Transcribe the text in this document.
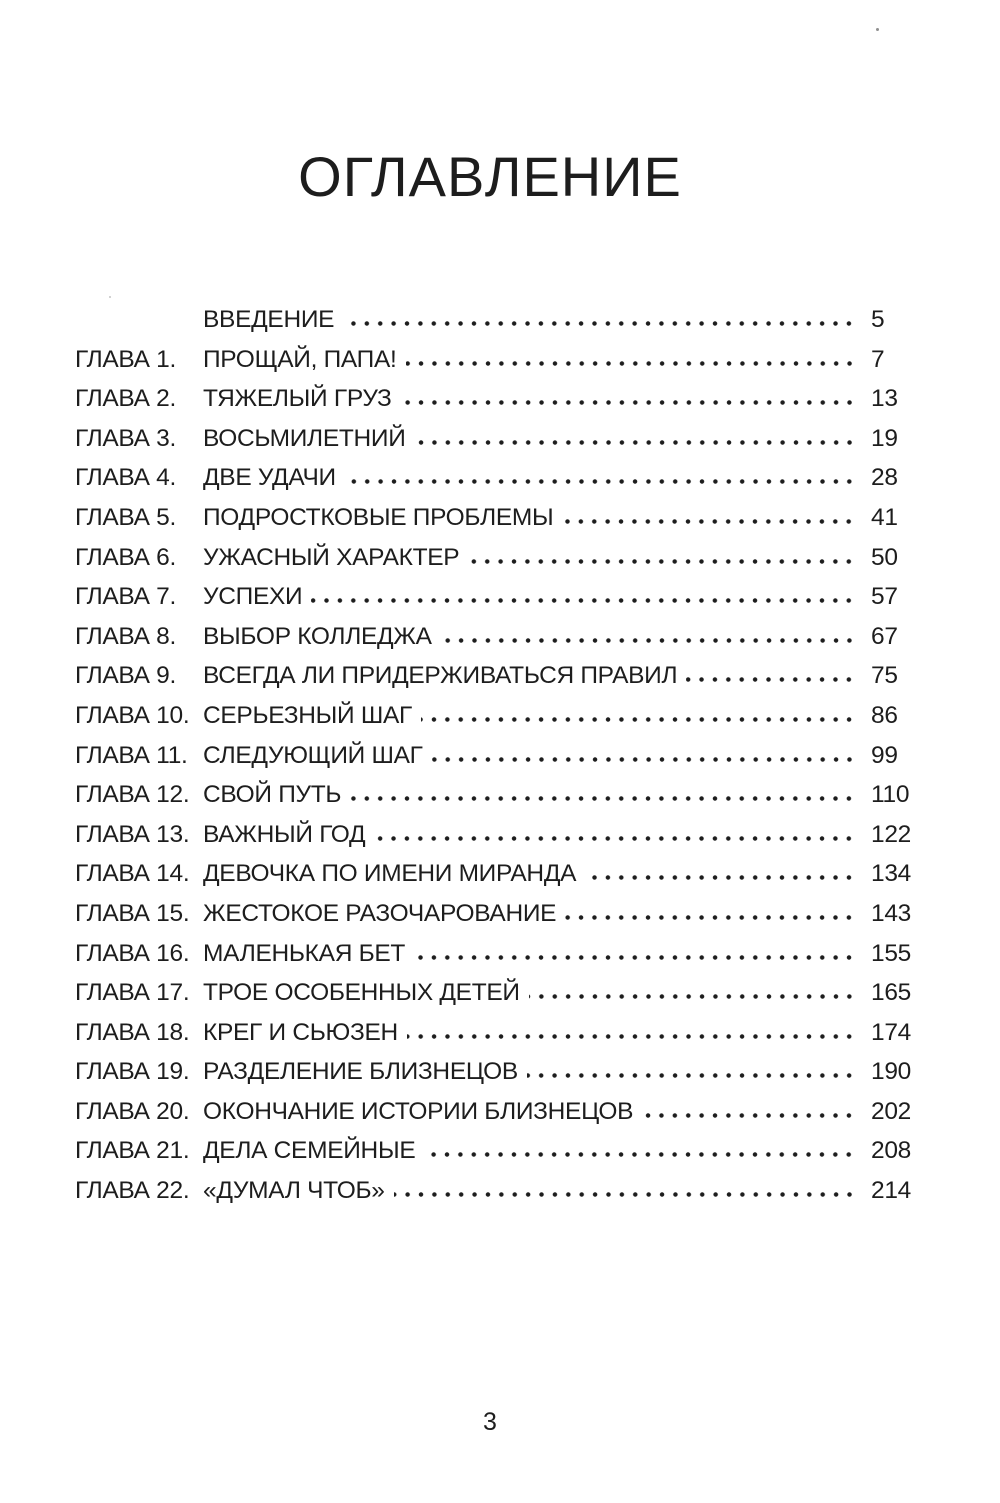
ОГЛАВЛЕНИЕ
ВВЕДЕНИЕ	5
ГЛАВА 1.	ПРОЩАЙ, ПАПА!	7
ГЛАВА 2.	ТЯЖЕЛЫЙ ГРУЗ	13
ГЛАВА 3.	ВОСЬМИЛЕТНИЙ	19
ГЛАВА 4.	ДВЕ УДАЧИ	28
ГЛАВА 5.	ПОДРОСТКОВЫЕ ПРОБЛЕМЫ	41
ГЛАВА 6.	УЖАСНЫЙ ХАРАКТЕР	50
ГЛАВА 7.	УСПЕХИ	57
ГЛАВА 8.	ВЫБОР КОЛЛЕДЖА	67
ГЛАВА 9.	ВСЕГДА ЛИ ПРИДЕРЖИВАТЬСЯ ПРАВИЛ	75
ГЛАВА 10. СЕРЬЕЗНЫЙ ШАГ	86
ГЛАВА 11. СЛЕДУЮЩИЙ ШАГ	99
ГЛАВА 12. СВОЙ ПУТЬ	110
ГЛАВА 13. ВАЖНЫЙ ГОД	122
ГЛАВА 14. ДЕВОЧКА ПО ИМЕНИ МИРАНДА	134
ГЛАВА 15. ЖЕСТОКОЕ РАЗОЧАРОВАНИЕ	143
ГЛАВА 16. МАЛЕНЬКАЯ БЕТ	155
ГЛАВА 17. ТРОЕ ОСОБЕННЫХ ДЕТЕЙ	165
ГЛАВА 18. КРЕГ И СЬЮЗЕН	174
ГЛАВА 19. РАЗДЕЛЕНИЕ БЛИЗНЕЦОВ	190
ГЛАВА 20. ОКОНЧАНИЕ ИСТОРИИ БЛИЗНЕЦОВ	202
ГЛАВА 21. ДЕЛА СЕМЕЙНЫЕ	208
ГЛАВА 22. «ДУМАЛ ЧТОБ»	214
3
